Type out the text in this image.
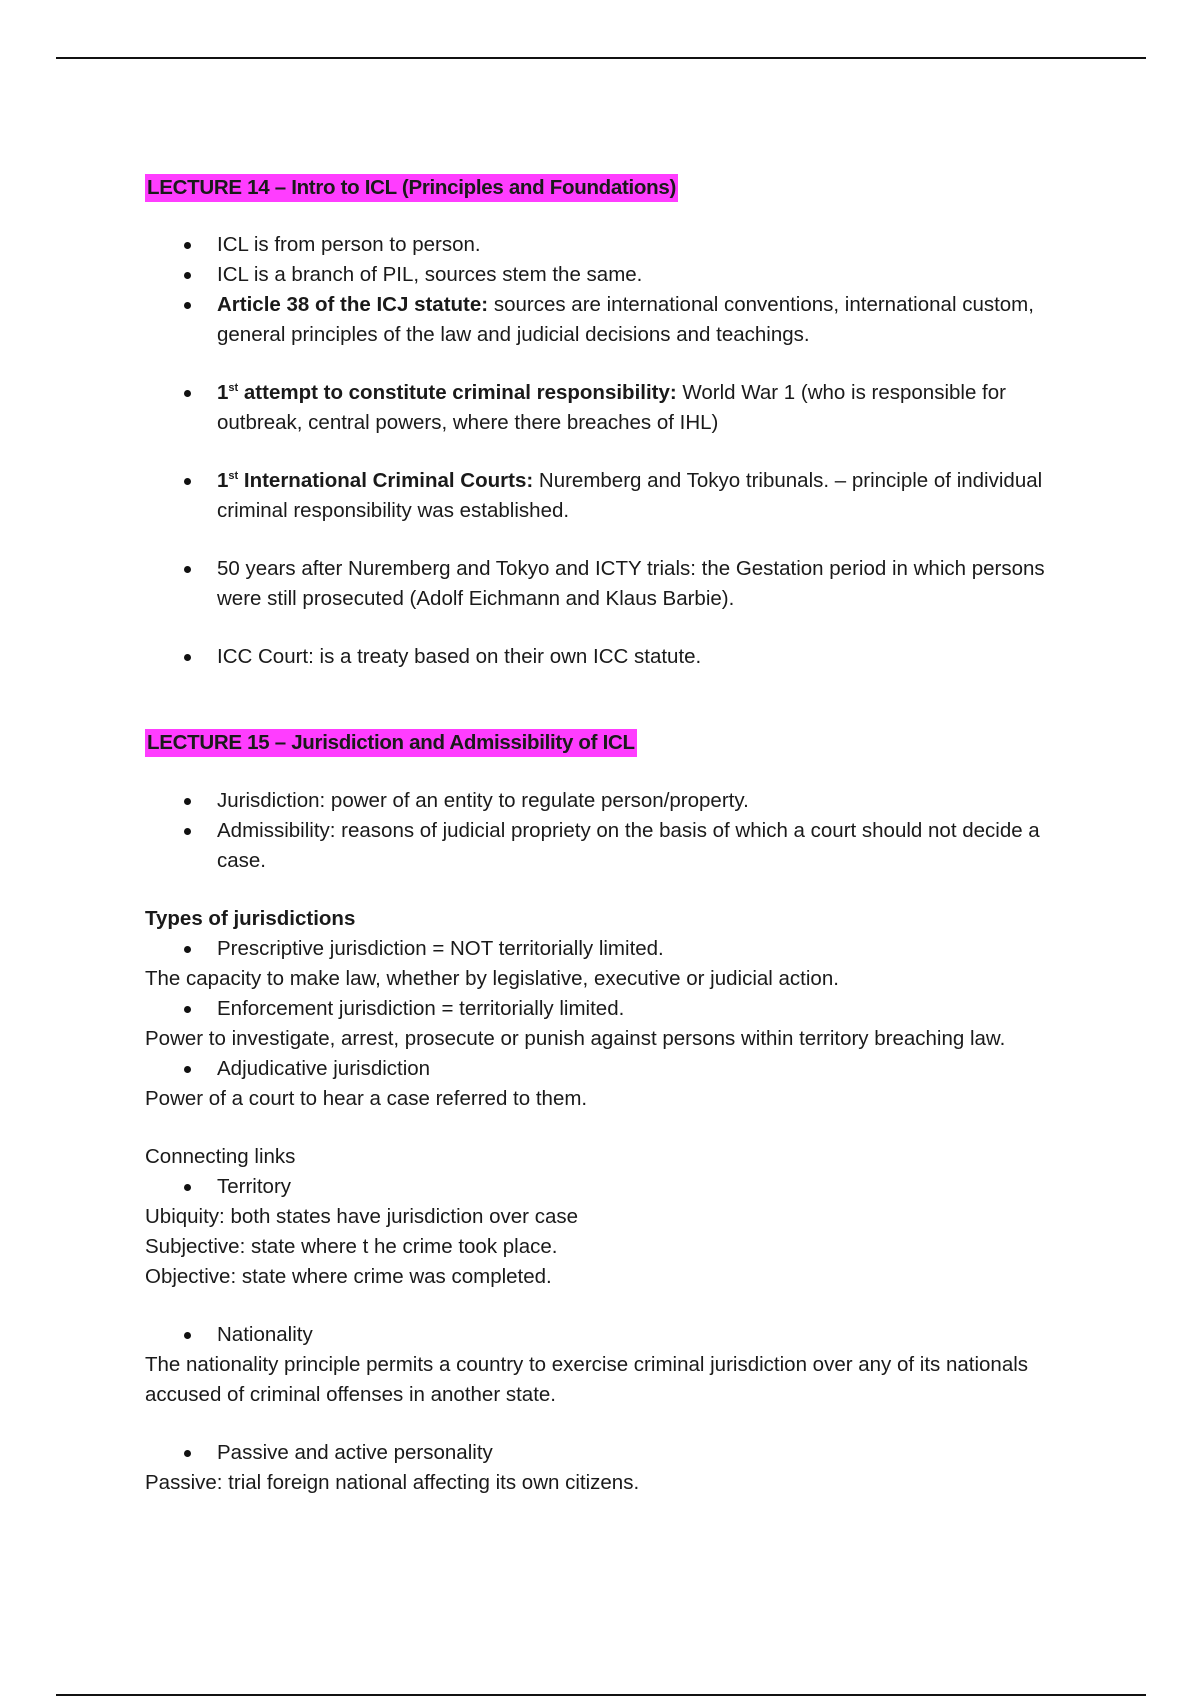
LECTURE 14 – Intro to ICL (Principles and Foundations)
ICL is from person to person.
ICL is a branch of PIL, sources stem the same.
Article 38 of the ICJ statute: sources are international conventions, international custom, general principles of the law and judicial decisions and teachings.
1st attempt to constitute criminal responsibility: World War 1 (who is responsible for outbreak, central powers, where there breaches of IHL)
1st International Criminal Courts: Nuremberg and Tokyo tribunals. – principle of individual criminal responsibility was established.
50 years after Nuremberg and Tokyo and ICTY trials: the Gestation period in which persons were still prosecuted (Adolf Eichmann and Klaus Barbie).
ICC Court: is a treaty based on their own ICC statute.
LECTURE 15 – Jurisdiction and Admissibility of ICL
Jurisdiction: power of an entity to regulate person/property.
Admissibility: reasons of judicial propriety on the basis of which a court should not decide a case.

Types of jurisdictions

Prescriptive jurisdiction = NOT territorially limited.

The capacity to make law, whether by legislative, executive or judicial action.

Enforcement jurisdiction = territorially limited.

Power to investigate, arrest, prosecute or punish against persons within territory breaching law.

Adjudicative jurisdiction

Power of a court to hear a case referred to them.

Connecting links

Territory

Ubiquity: both states have jurisdiction over case

Subjective: state where t he crime took place.

Objective: state where crime was completed.

Nationality

The nationality principle permits a country to exercise criminal jurisdiction over any of its nationals accused of criminal offenses in another state.

Passive and active personality

Passive: trial foreign national affecting its own citizens.
